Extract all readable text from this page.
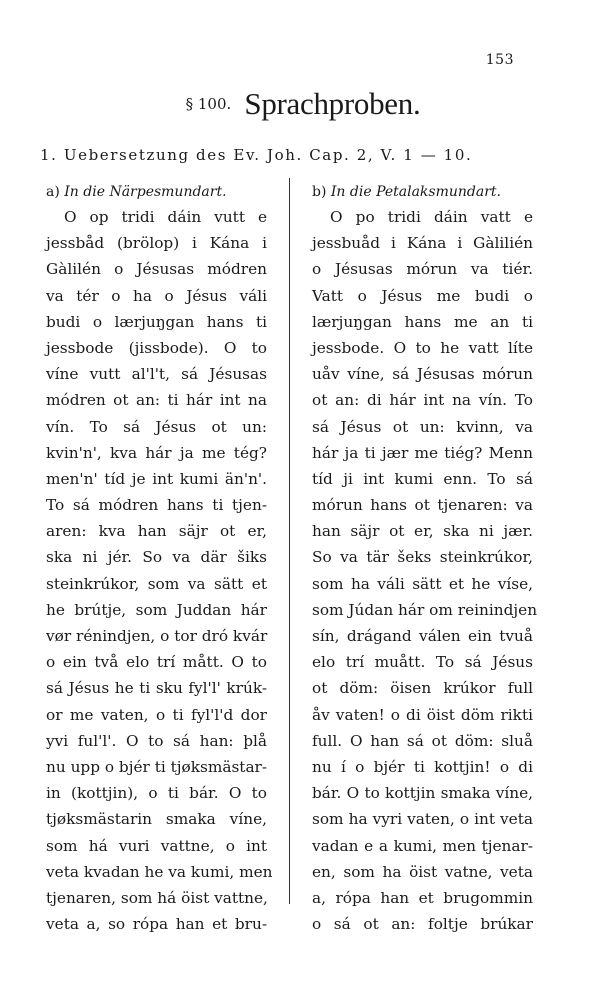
153
§ 100. Sprachproben.
1. Uebersetzung des Ev. Joh. Cap. 2, V. 1 — 10.
a) In die Närpesmundart.
O op tridi dáin vutt e
jessbåd (brölop) i Kána i
Gàlilén o Jésusas módren
va tér o ha o Jésus váli
budi o lærjuŋgan hans ti
jessbode (jissbode). O to
víne vutt al'l't, sá Jésusas
módren ot an: ti hár int na
vín. To sá Jésus ot un:
kvin'n', kva hár ja me tég?
men'n' tíd je int kumi än'n'.
To sá módren hans ti tjen-
aren: kva han säjr ot er,
ska ni jér. So va där šiks
steinkrúkor, som va sätt et
he brútje, som Juddan hár
vør rénindjen, o tor dró kvár
o ein två elo trí mått. O to
sá Jésus he ti sku fyl'l' krúk-
or me vaten, o ti fyl'l'd dor
yvi ful'l'. O to sá han: þlå
nu upp o bjér ti tjøksmästar-
in (kottjin), o ti bár. O to
tjøksmästarin smaka víne,
som há vuri vattne, o int
veta kvadan he va kumi, men
tjenaren, som há öist vattne,
veta a, so rópa han et bru-
b) In die Petalaksmundart.
O po tridi dáin vatt e
jessbuåd i Kána i Gàlilién
o Jésusas mórun va tiér.
Vatt o Jésus me budi o
lærjuŋgan hans me an ti
jessbode. O to he vatt líte
uåv víne, sá Jésusas mórun
ot an: di hár int na vín. To
sá Jésus ot un: kvinn, va
hár ja ti jær me tiég? Menn
tíd ji int kumi enn. To sá
mórun hans ot tjenaren: va
han säjr ot er, ska ni jær.
So va tär šeks steinkrúkor,
som ha váli sätt et he víse,
som Júdan hár om reinindjen
sín, drágand válen ein tvuå
elo trí muått. To sá Jésus
ot döm: öisen krúkor full
åv vaten! o di öist döm rikti
full. O han sá ot döm: sluå
nu í o bjér ti kottjin! o di
bár. O to kottjin smaka víne,
som ha vyri vaten, o int veta
vadan e a kumi, men tjenar-
en, som ha öist vatne, veta
a, rópa han et brugommin
o sá ot an: foltje brúkar
